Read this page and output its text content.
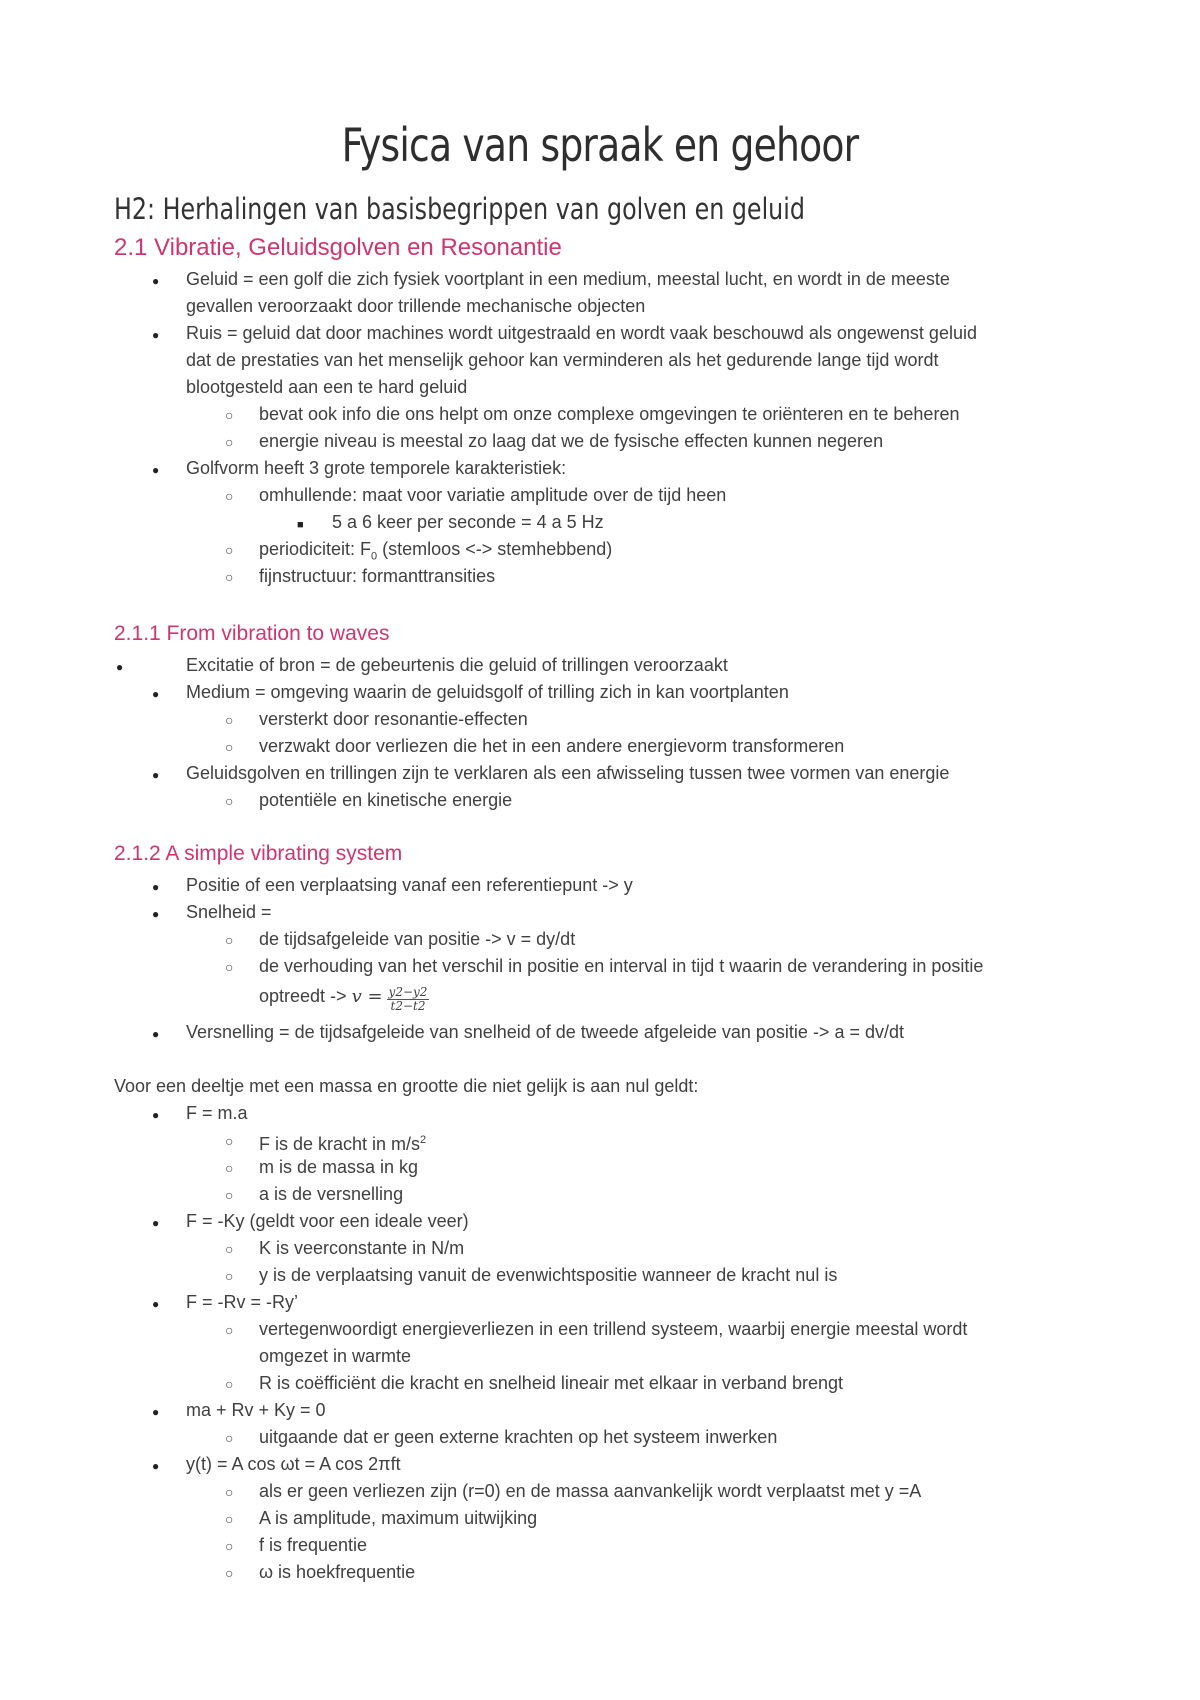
Fysica van spraak en gehoor
H2: Herhalingen van basisbegrippen van golven en geluid
2.1 Vibratie, Geluidsgolven en Resonantie
●
Geluid = een golf die zich fysiek voortplant in een medium, meestal lucht, en wordt in de meeste
gevallen veroorzaakt door trillende mechanische objecten
●
Ruis = geluid dat door machines wordt uitgestraald en wordt vaak beschouwd als ongewenst geluid
dat de prestaties van het menselijk gehoor kan verminderen als het gedurende lange tijd wordt
blootgesteld aan een te hard geluid
○
bevat ook info die ons helpt om onze complexe omgevingen te oriënteren en te beheren
○
energie niveau is meestal zo laag dat we de fysische effecten kunnen negeren
●
Golfvorm heeft 3 grote temporele karakteristiek:
○
omhullende: maat voor variatie amplitude over de tijd heen
■
5 a 6 keer per seconde = 4 a 5 Hz
○
periodiciteit: $F_0$ (stemloos <-> stemhebbend)
○
fijnstructuur: formanttransities
2.1.1 From vibration to waves
●
Excitatie of bron = de gebeurtenis die geluid of trillingen veroorzaakt
●
Medium = omgeving waarin de geluidsgolf of trilling zich in kan voortplanten
○
versterkt door resonantie-effecten
○
verzwakt door verliezen die het in een andere energievorm transformeren
●
Geluidsgolven en trillingen zijn te verklaren als een afwisseling tussen twee vormen van energie
○
potentiële en kinetische energie
2.1.2 A simple vibrating system
●
Positie of een verplaatsing vanaf een referentiepunt -> y
●
Snelheid =
○
de tijdsafgeleide van positie -> v = dy/dt
○
de verhouding van het verschil in positie en interval in tijd t waarin de verandering in positie
optreedt -> $v = \frac{y2-y2}{t2-t2}$
●
Versnelling = de tijdsafgeleide van snelheid of de tweede afgeleide van positie -> a = dv/dt
Voor een deeltje met een massa en grootte die niet gelijk is aan nul geldt:
●
F = m.a
○
F is de kracht in $m/s^2$
○
m is de massa in kg
○
a is de versnelling
●
F = -Ky (geldt voor een ideale veer)
○
K is veerconstante in N/m
○
y is de verplaatsing vanuit de evenwichtspositie wanneer de kracht nul is
●
F = -Rv = -Ry’
○
vertegenwoordigt energieverliezen in een trillend systeem, waarbij energie meestal wordt
omgezet in warmte
○
R is coëfficiënt die kracht en snelheid lineair met elkaar in verband brengt
●
ma + Rv + Ky = 0
○
uitgaande dat er geen externe krachten op het systeem inwerken
●
y(t) = A cos ωt = A cos 2πft
○
als er geen verliezen zijn (r=0) en de massa aanvankelijk wordt verplaatst met y =A
○
A is amplitude, maximum uitwijking
○
f is frequentie
○
ω is hoekfrequentie
